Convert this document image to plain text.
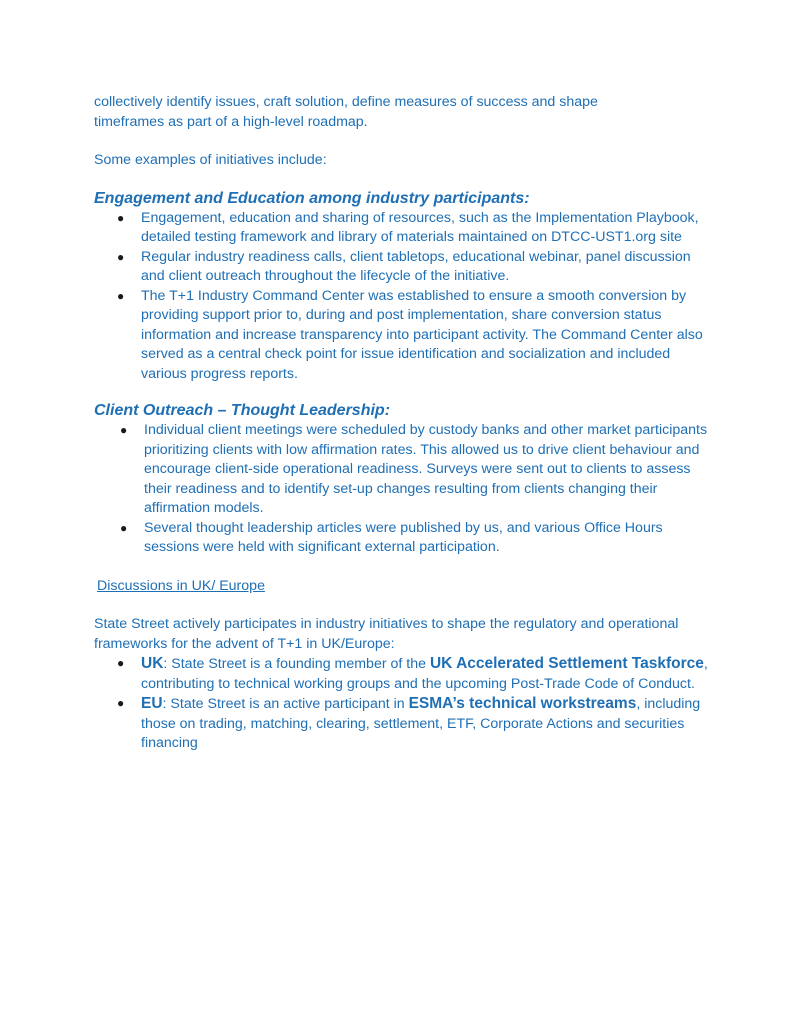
collectively identify issues, craft solution, define measures of success and shape timeframes as part of a high-level roadmap.

Some examples of initiatives include:

Engagement and Education among industry participants:

● Engagement, education and sharing of resources, such as the Implementation Playbook, detailed testing framework and library of materials maintained on DTCC-UST1.org site
● Regular industry readiness calls, client tabletops, educational webinar, panel discussion and client outreach throughout the lifecycle of the initiative.
● The T+1 Industry Command Center was established to ensure a smooth conversion by providing support prior to, during and post implementation, share conversion status information and increase transparency into participant activity. The Command Center also served as a central check point for issue identification and socialization and included various progress reports.

Client Outreach – Thought Leadership:

● Individual client meetings were scheduled by custody banks and other market participants prioritizing clients with low affirmation rates. This allowed us to drive client behaviour and encourage client-side operational readiness. Surveys were sent out to clients to assess their readiness and to identify set-up changes resulting from clients changing their affirmation models.
● Several thought leadership articles were published by us, and various Office Hours sessions were held with significant external participation.

Discussions in UK/ Europe

State Street actively participates in industry initiatives to shape the regulatory and operational frameworks for the advent of T+1 in UK/Europe:

● UK: State Street is a founding member of the UK Accelerated Settlement Taskforce, contributing to technical working groups and the upcoming Post-Trade Code of Conduct.
● EU: State Street is an active participant in ESMA’s technical workstreams, including those on trading, matching, clearing, settlement, ETF, Corporate Actions and securities financing
